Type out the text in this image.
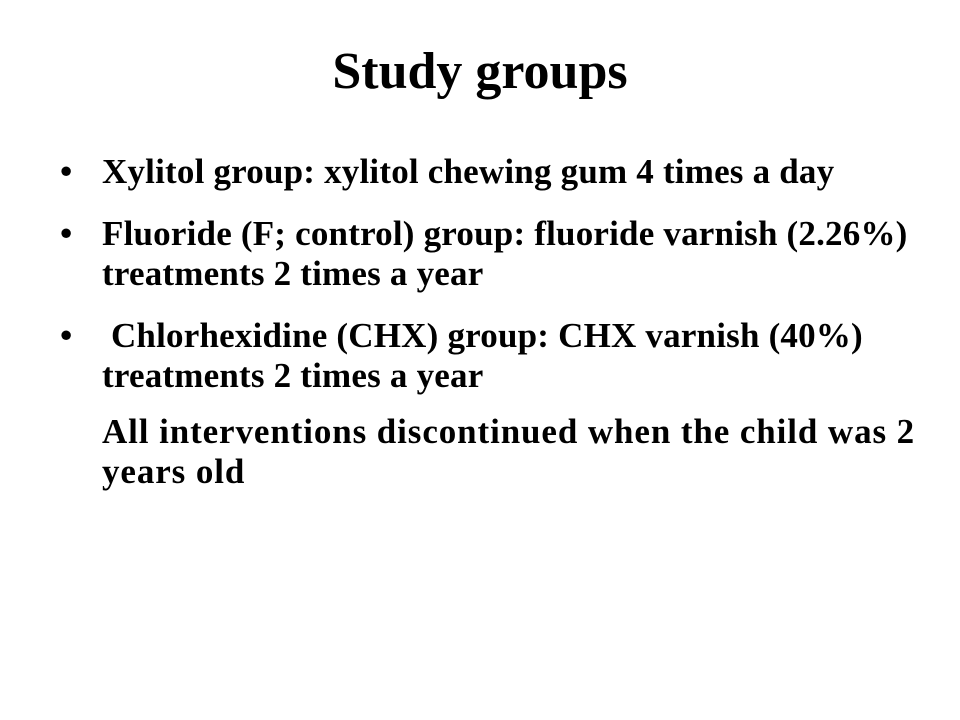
Study groups
• Xylitol group: xylitol chewing gum 4 times a day
• Fluoride (F; control) group: fluoride varnish (2.26%) treatments 2 times a year
• Chlorhexidine (CHX) group: CHX varnish (40%) treatments 2 times a year
All interventions discontinued when the child was 2 years old
